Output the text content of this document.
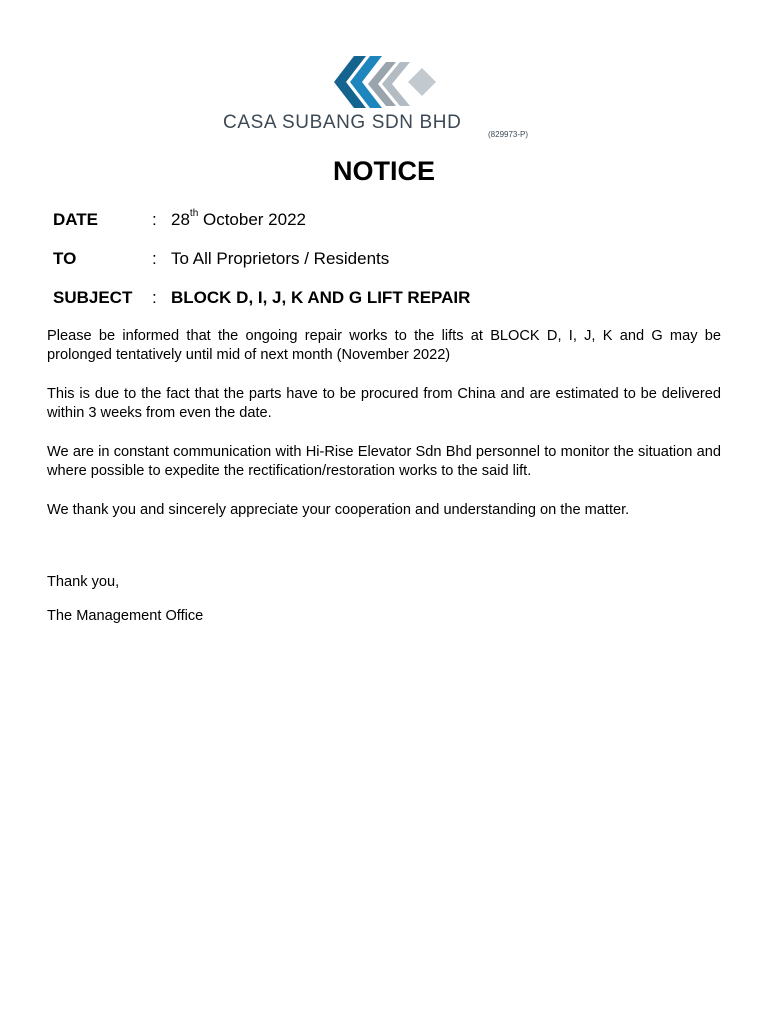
CASA SUBANG SDN BHD
(829973-P)
NOTICE
DATE	: 28th October 2022
TO	: To All Proprietors / Residents
SUBJECT : BLOCK D, I, J, K AND G LIFT REPAIR
Please be informed that the ongoing repair works to the lifts at BLOCK D, I, J, K and G may be prolonged tentatively until mid of next month (November 2022)
This is due to the fact that the parts have to be procured from China and are estimated to be delivered within 3 weeks from even the date.
We are in constant communication with Hi-Rise Elevator Sdn Bhd personnel to monitor the situation and where possible to expedite the rectification/restoration works to the said lift.
We thank you and sincerely appreciate your cooperation and understanding on the matter.
Thank you,
The Management Office
